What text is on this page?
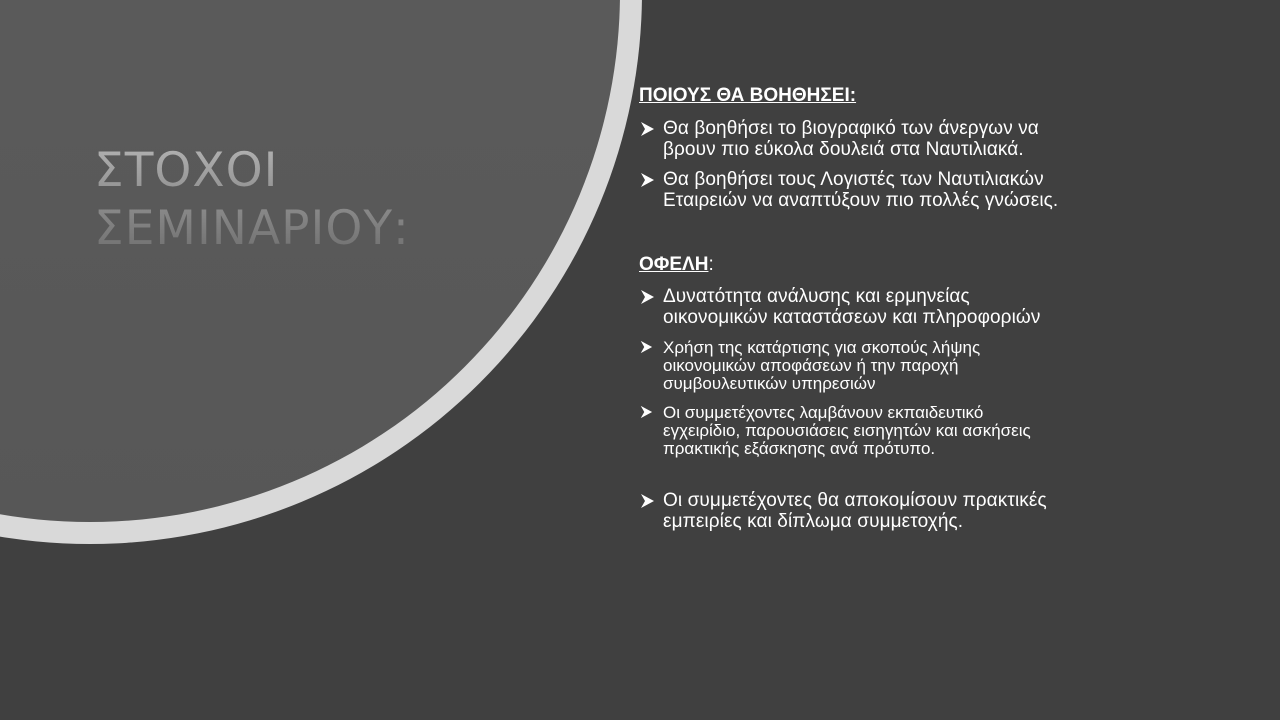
ΣΤΟΧΟΙ
ΣΕΜΙΝΑΡΙΟΥ:

ΠΟΙΟΥΣ ΘΑ ΒΟΗΘΗΣΕΙ:

Θα βοηθήσει το βιογραφικό των άνεργων να
βρουν πιο εύκολα δουλειά στα Ναυτιλιακά.
Θα βοηθήσει τους Λογιστές των Ναυτιλιακών
Εταιρειών να αναπτύξουν πιο πολλές γνώσεις.

ΟΦΕΛΗ:

Δυνατότητα ανάλυσης και ερμηνείας
οικονομικών καταστάσεων και πληροφοριών
Χρήση της κατάρτισης για σκοπούς λήψης
οικονομικών αποφάσεων ή την παροχή
συμβουλευτικών υπηρεσιών
Οι συμμετέχοντες λαμβάνουν εκπαιδευτικό
εγχειρίδιο, παρουσιάσεις εισηγητών και ασκήσεις
πρακτικής εξάσκησης ανά πρότυπο.
Οι συμμετέχοντες θα αποκομίσουν πρακτικές
εμπειρίες και δίπλωμα συμμετοχής.
